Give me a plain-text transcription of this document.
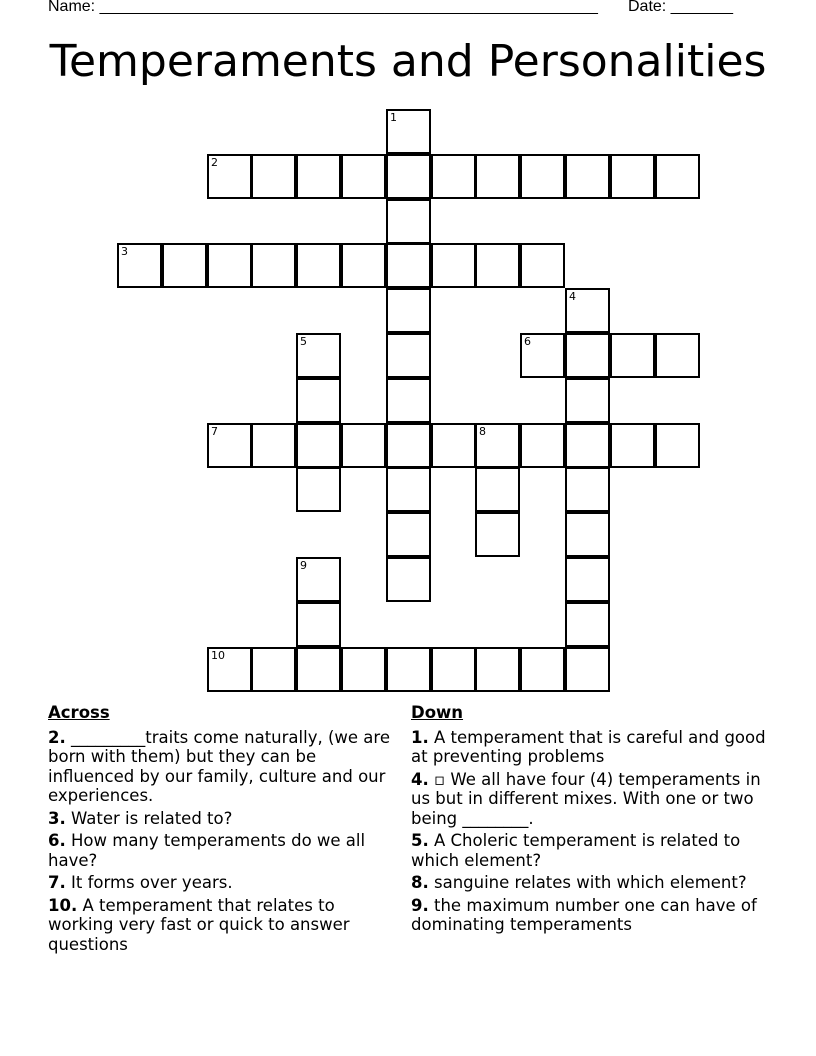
Name: ________________________________________________________ Date: _______
Temperaments and Personalities
1
2
3
4
5	6
7	8
9
10
Across
2. _________traits come naturally, (we are born with them) but they can be influenced by our family, culture and our experiences.
3. Water is related to?
6. How many temperaments do we all have?
7. It forms over years.
10. A temperament that relates to working very fast or quick to answer questions
Down
1. A temperament that is careful and good at preventing problems
4. ▫ We all have four (4) temperaments in us but in different mixes. With one or two being ________.
5. A Choleric temperament is related to which element?
8. sanguine relates with which element?
9. the maximum number one can have of dominating temperaments
